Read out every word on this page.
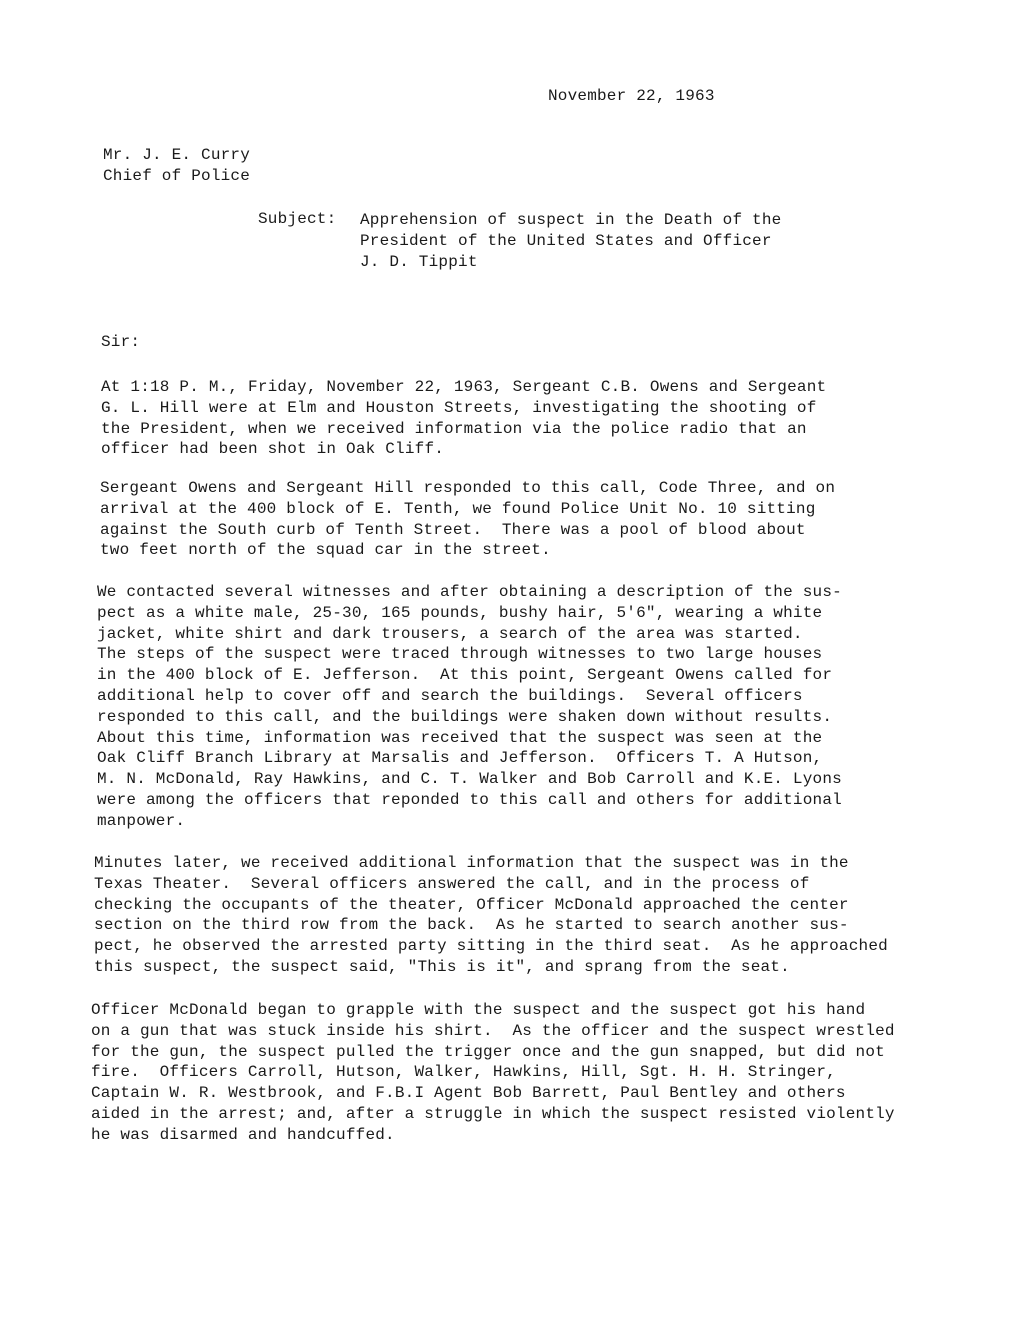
November 22, 1963
Mr. J. E. Curry
Chief of Police
Subject: Apprehension of suspect in the Death of the
President of the United States and Officer
J. D. Tippit
Sir:
At 1:18 P. M., Friday, November 22, 1963, Sergeant C.B. Owens and Sergeant
G. L. Hill were at Elm and Houston Streets, investigating the shooting of
the President, when we received information via the police radio that an
officer had been shot in Oak Cliff.
Sergeant Owens and Sergeant Hill responded to this call, Code Three, and on
arrival at the 400 block of E. Tenth, we found Police Unit No. 10 sitting
against the South curb of Tenth Street.  There was a pool of blood about
two feet north of the squad car in the street.
We contacted several witnesses and after obtaining a description of the sus-
pect as a white male, 25-30, 165 pounds, bushy hair, 5'6", wearing a white
jacket, white shirt and dark trousers, a search of the area was started.
The steps of the suspect were traced through witnesses to two large houses
in the 400 block of E. Jefferson.  At this point, Sergeant Owens called for
additional help to cover off and search the buildings.  Several officers
responded to this call, and the buildings were shaken down without results.
About this time, information was received that the suspect was seen at the
Oak Cliff Branch Library at Marsalis and Jefferson.  Officers T. A Hutson,
M. N. McDonald, Ray Hawkins, and C. T. Walker and Bob Carroll and K.E. Lyons
were among the officers that reponded to this call and others for additional
manpower.
Minutes later, we received additional information that the suspect was in the
Texas Theater.  Several officers answered the call, and in the process of
checking the occupants of the theater, Officer McDonald approached the center
section on the third row from the back.  As he started to search another sus-
pect, he observed the arrested party sitting in the third seat.  As he approached
this suspect, the suspect said, "This is it", and sprang from the seat.
Officer McDonald began to grapple with the suspect and the suspect got his hand
on a gun that was stuck inside his shirt.  As the officer and the suspect wrestled
for the gun, the suspect pulled the trigger once and the gun snapped, but did not
fire.  Officers Carroll, Hutson, Walker, Hawkins, Hill, Sgt. H. H. Stringer,
Captain W. R. Westbrook, and F.B.I Agent Bob Barrett, Paul Bentley and others
aided in the arrest; and, after a struggle in which the suspect resisted violently
he was disarmed and handcuffed.
